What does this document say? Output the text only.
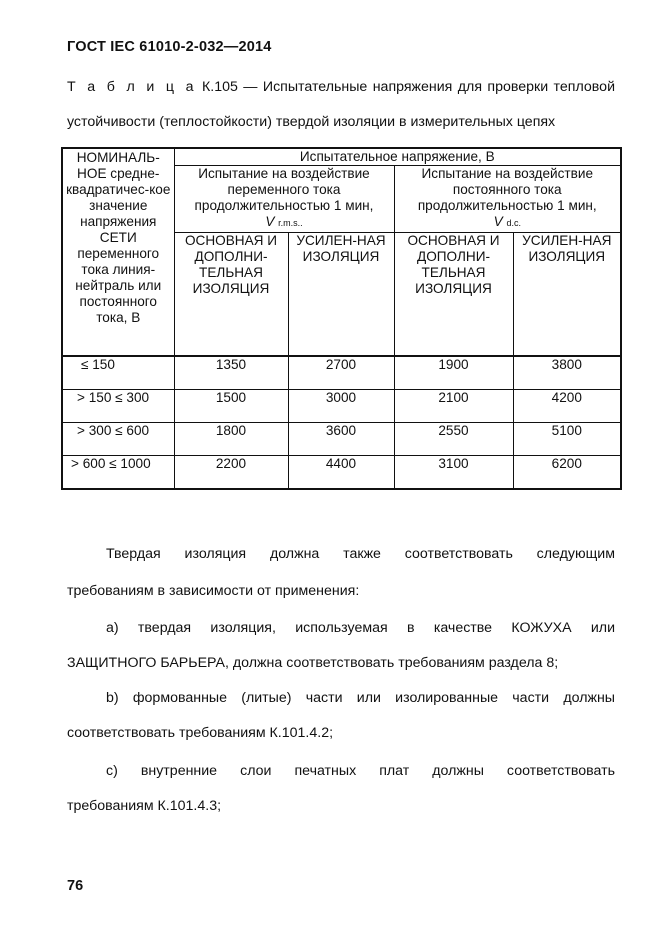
ГОСТ IEC 61010-2-032—2014
Т а б л и ц а К.105 — Испытательные напряжения для проверки тепловой
устойчивости (теплостойкости) твердой изоляции в измерительных цепях
НОМИНАЛЬ-НОЕ средне-квадратичес-кое значение напряжения СЕТИ переменного тока линия-нейтраль или постоянного тока, В	Испытательное напряжение, В			
	Испытание на воздействие переменного тока продолжительностью 1 мин,
V r.m.s..		Испытание на воздействие постоянного тока продолжительностью 1 мин,
V d.c.	
	ОСНОВНАЯ И ДОПОЛНИ-ТЕЛЬНАЯ ИЗОЛЯЦИЯ	УСИЛЕН-НАЯ ИЗОЛЯЦИЯ	ОСНОВНАЯ И ДОПОЛНИ-ТЕЛЬНАЯ ИЗОЛЯЦИЯ	УСИЛЕН-НАЯ ИЗОЛЯЦИЯ
≤ 150	1350	2700	1900	3800
> 150 ≤ 300	1500	3000	2100	4200
> 300 ≤ 600	1800	3600	2550	5100
> 600 ≤ 1000	2200	4400	3100	6200
Твердая изоляция должна также соответствовать следующим
требованиям в зависимости от применения:
а) твердая изоляция, используемая в качестве КОЖУХА или
ЗАЩИТНОГО БАРЬЕРА, должна соответствовать требованиям раздела 8;
b) формованные (литые) части или изолированные части должны
соответствовать требованиям К.101.4.2;
с) внутренние слои печатных плат должны соответствовать
требованиям К.101.4.3;
76
